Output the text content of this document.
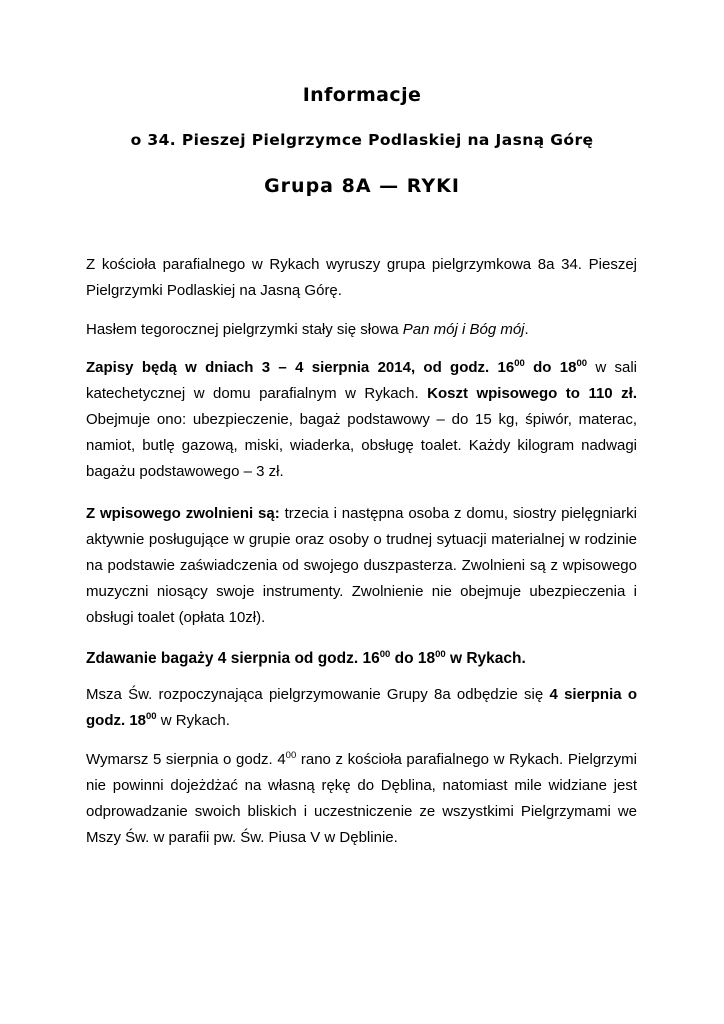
Informacje
o 34. Pieszej Pielgrzymce Podlaskiej na Jasną Górę
Grupa 8A — RYKI

Z kościoła parafialnego w Rykach wyruszy grupa pielgrzymkowa 8a 34. Pieszej Pielgrzymki Podlaskiej na Jasną Górę.

Hasłem tegorocznej pielgrzymki stały się słowa Pan mój i Bóg mój.

Zapisy będą w dniach 3 – 4 sierpnia 2014, od godz. $16^{00}$ do $18^{00}$ w sali katechetycznej w domu parafialnym w Rykach. Koszt wpisowego to 110 zł. Obejmuje ono: ubezpieczenie, bagaż podstawowy – do 15 kg, śpiwór, materac, namiot, butlę gazową, miski, wiaderka, obsługę toalet. Każdy kilogram nadwagi bagażu podstawowego – 3 zł.

Z wpisowego zwolnieni są: trzecia i następna osoba z domu, siostry pielęgniarki aktywnie posługujące w grupie oraz osoby o trudnej sytuacji materialnej w rodzinie na podstawie zaświadczenia od swojego duszpasterza. Zwolnieni są z wpisowego muzyczni niosący swoje instrumenty. Zwolnienie nie obejmuje ubezpieczenia i obsługi toalet (opłata 10zł).

Zdawanie bagaży 4 sierpnia od godz. $16^{00}$ do $18^{00}$ w Rykach.

Msza Św. rozpoczynająca pielgrzymowanie Grupy 8a odbędzie się 4 sierpnia o godz. $18^{00}$ w Rykach.

Wymarsz 5 sierpnia o godz. $4^{00}$ rano z kościoła parafialnego w Rykach. Pielgrzymi nie powinni dojeżdżać na własną rękę do Dęblina, natomiast mile widziane jest odprowadzanie swoich bliskich i uczestniczenie ze wszystkimi Pielgrzymami we Mszy Św. w parafii pw. Św. Piusa V w Dęblinie.
